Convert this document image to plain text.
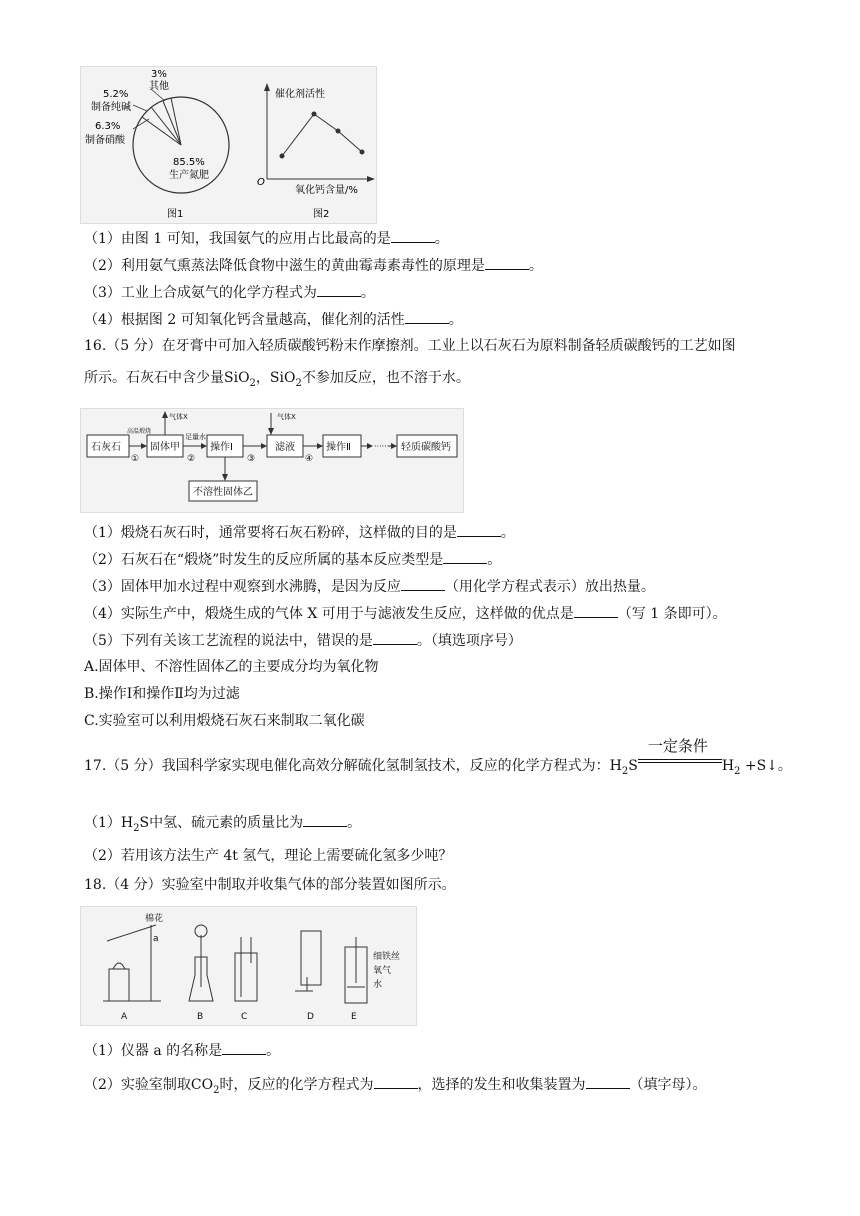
3%
其他
5.2%
制备纯碱
6.3%
制备硝酸
85.5%
生产氮肥
图1
O
催化剂活性
氧化钙含量/%
图2
（1）由图 1 可知，我国氨气的应用占比最高的是	。
（2）利用氨气熏蒸法降低食物中滋生的黄曲霉毒素毒性的原理是	。
（3）工业上合成氨气的化学方程式为	。
（4）根据图 2 可知氧化钙含量越高，催化剂的活性	。
16.（5 分）在牙膏中可加入轻质碳酸钙粉末作摩擦剂。工业上以石灰石为原料制备轻质碳酸钙的工艺如图
所示。石灰石中含少量SiO$_2$，SiO$_2$不参加反应，也不溶于水。
石灰石
高温煅烧
①
固体甲
气体X
足量水
②
操作Ⅰ
不溶性固体乙
③
气体X
滤液
④
操作Ⅱ	······ 轻质碳酸钙
（1）煅烧石灰石时，通常要将石灰石粉碎，这样做的目的是	。
（2）石灰石在“煅烧”时发生的反应所属的基本反应类型是	。
（3）固体甲加水过程中观察到水沸腾，是因为反应	（用化学方程式表示）放出热量。
（4）实际生产中，煅烧生成的气体 X 可用于与滤液发生反应，这样做的优点是	（写 1 条即可）。
（5）下列有关该工艺流程的说法中，错误的是	。（填选项序号）
A.固体甲、不溶性固体乙的主要成分均为氧化物
B.操作Ⅰ和操作Ⅱ均为过滤
C.实验室可以利用煅烧石灰石来制取二氧化碳
17.（5 分）我国科学家实现电催化高效分解硫化氢制氢技术，反应的化学方程式为：$H_2S$
一定条件
$H_2$ +S↓。
$(1)H_2S$中氢、硫元素的质量比为	。
（2）若用该方法生产 4t 氢气，理论上需要硫化氢多少吨？
18.（4 分）实验室中制取并收集气体的部分装置如图所示。
棉花
a
A	B	C	D
细铁丝
氧气
水
E
（1）仪器 a 的名称是	。
（2）实验室制取$CO_2$时，反应的化学方程式为	，选择的发生和收集装置为	（填字母）。
